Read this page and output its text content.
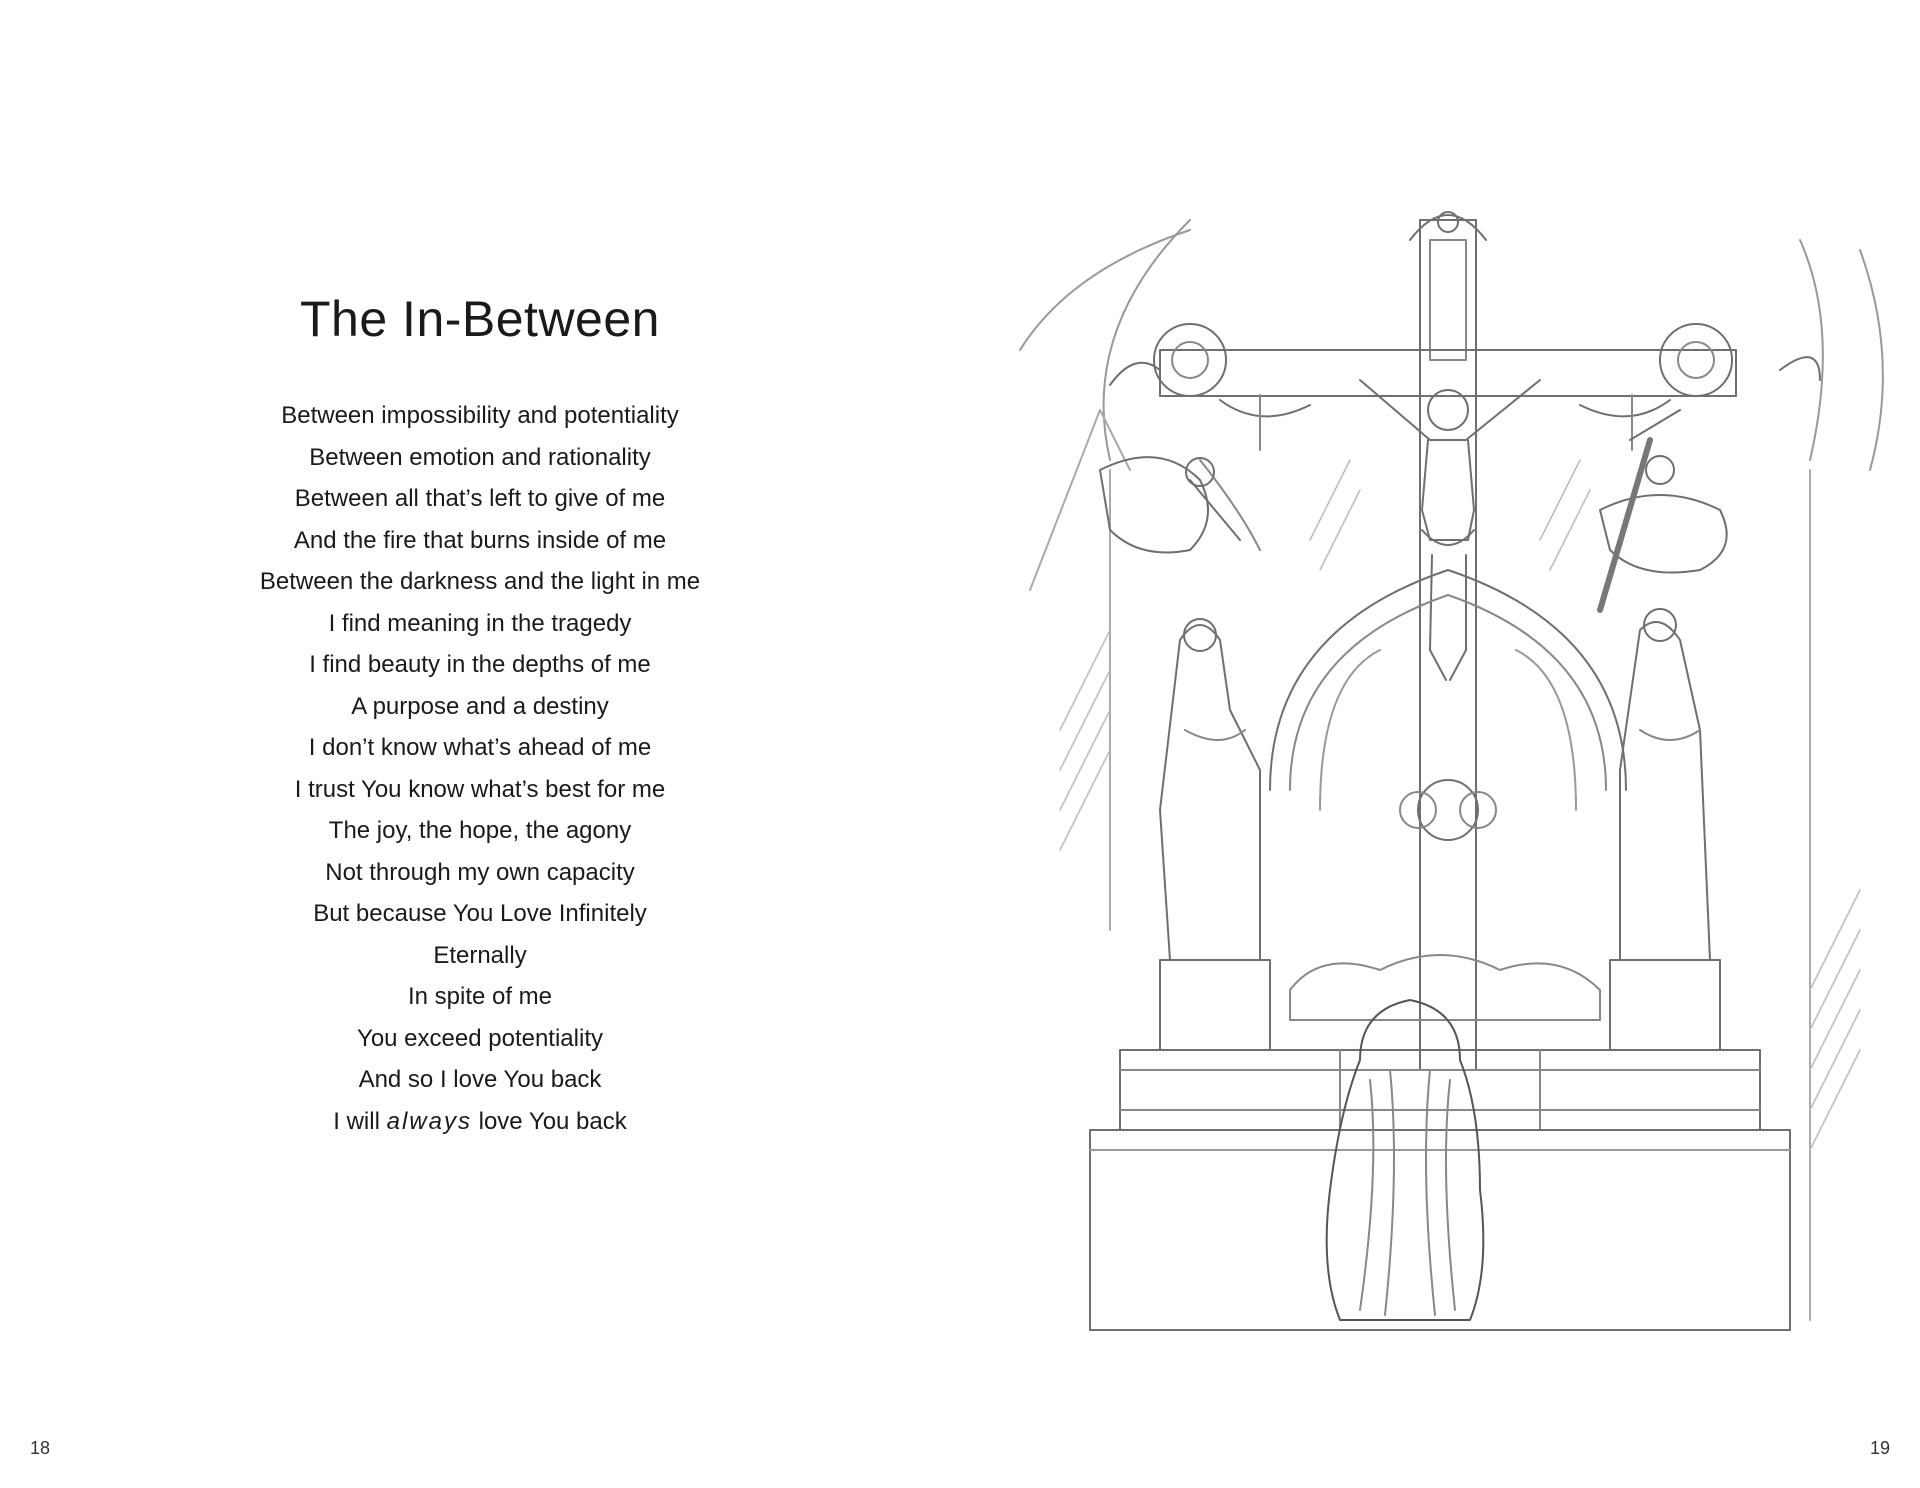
The In-Between
Between impossibility and potentiality
Between emotion and rationality
Between all that’s left to give of me
And the fire that burns inside of me
Between the darkness and the light in me
I find meaning in the tragedy
I find beauty in the depths of me
A purpose and a destiny
I don’t know what’s ahead of me
I trust You know what’s best for me
The joy, the hope, the agony
Not through my own capacity
But because You Love Infinitely
Eternally
In spite of me
You exceed potentiality
And so I love You back
I will always love You back
18	19
